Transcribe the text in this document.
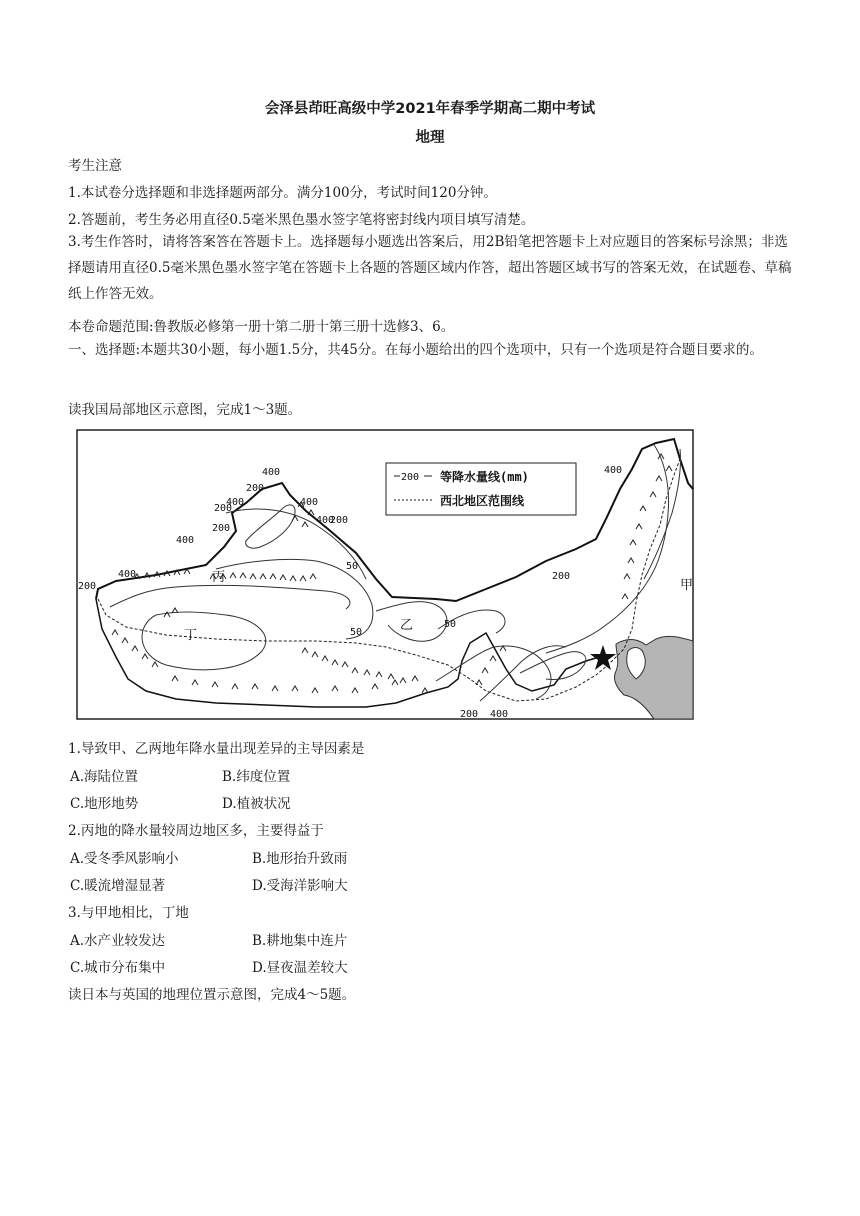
会泽县茚旺高级中学2021年春季学期高二期中考试
地理
考生注意
1.本试卷分选择题和非选择题两部分。满分100分，考试时间120分钟。
2.答题前，考生务必用直径0.5毫米黑色墨水签字笔将密封线内项目填写清楚。
3.考生作答时，请将答案答在答题卡上。选择题每小题选出答案后，用2B铅笔把答题卡上对应题目的答案标号涂黑；非选择题请用直径0.5毫米黑色墨水签字笔在答题卡上各题的答题区域内作答，超出答题区域书写的答案无效，在试题卷、草稿纸上作答无效。
本卷命题范围:鲁教版必修第一册十第二册十第三册十选修3、6。
一、选择题:本题共30小题，每小题1.5分，共45分。在每小题给出的四个选项中，只有一个选项是符合题目要求的。
读我国局部地区示意图，完成1～3题。
200 等降水量线(mm)
西北地区范围线
甲
乙
丙
丁
400
200
400
200
400
400
400
200
50
200
400	200
50
50
200
200 400
400
1.导致甲、乙两地年降水量出现差异的主导因素是
A.海陆位置	B.纬度位置
C.地形地势	D.植被状况
2.丙地的降水量较周边地区多，主要得益于
A.受冬季风影响小	B.地形抬升致雨
C.暖流增湿显著	D.受海洋影响大
3.与甲地相比，丁地
A.水产业较发达	B.耕地集中连片
C.城市分布集中	D.昼夜温差较大
读日本与英国的地理位置示意图，完成4～5题。
